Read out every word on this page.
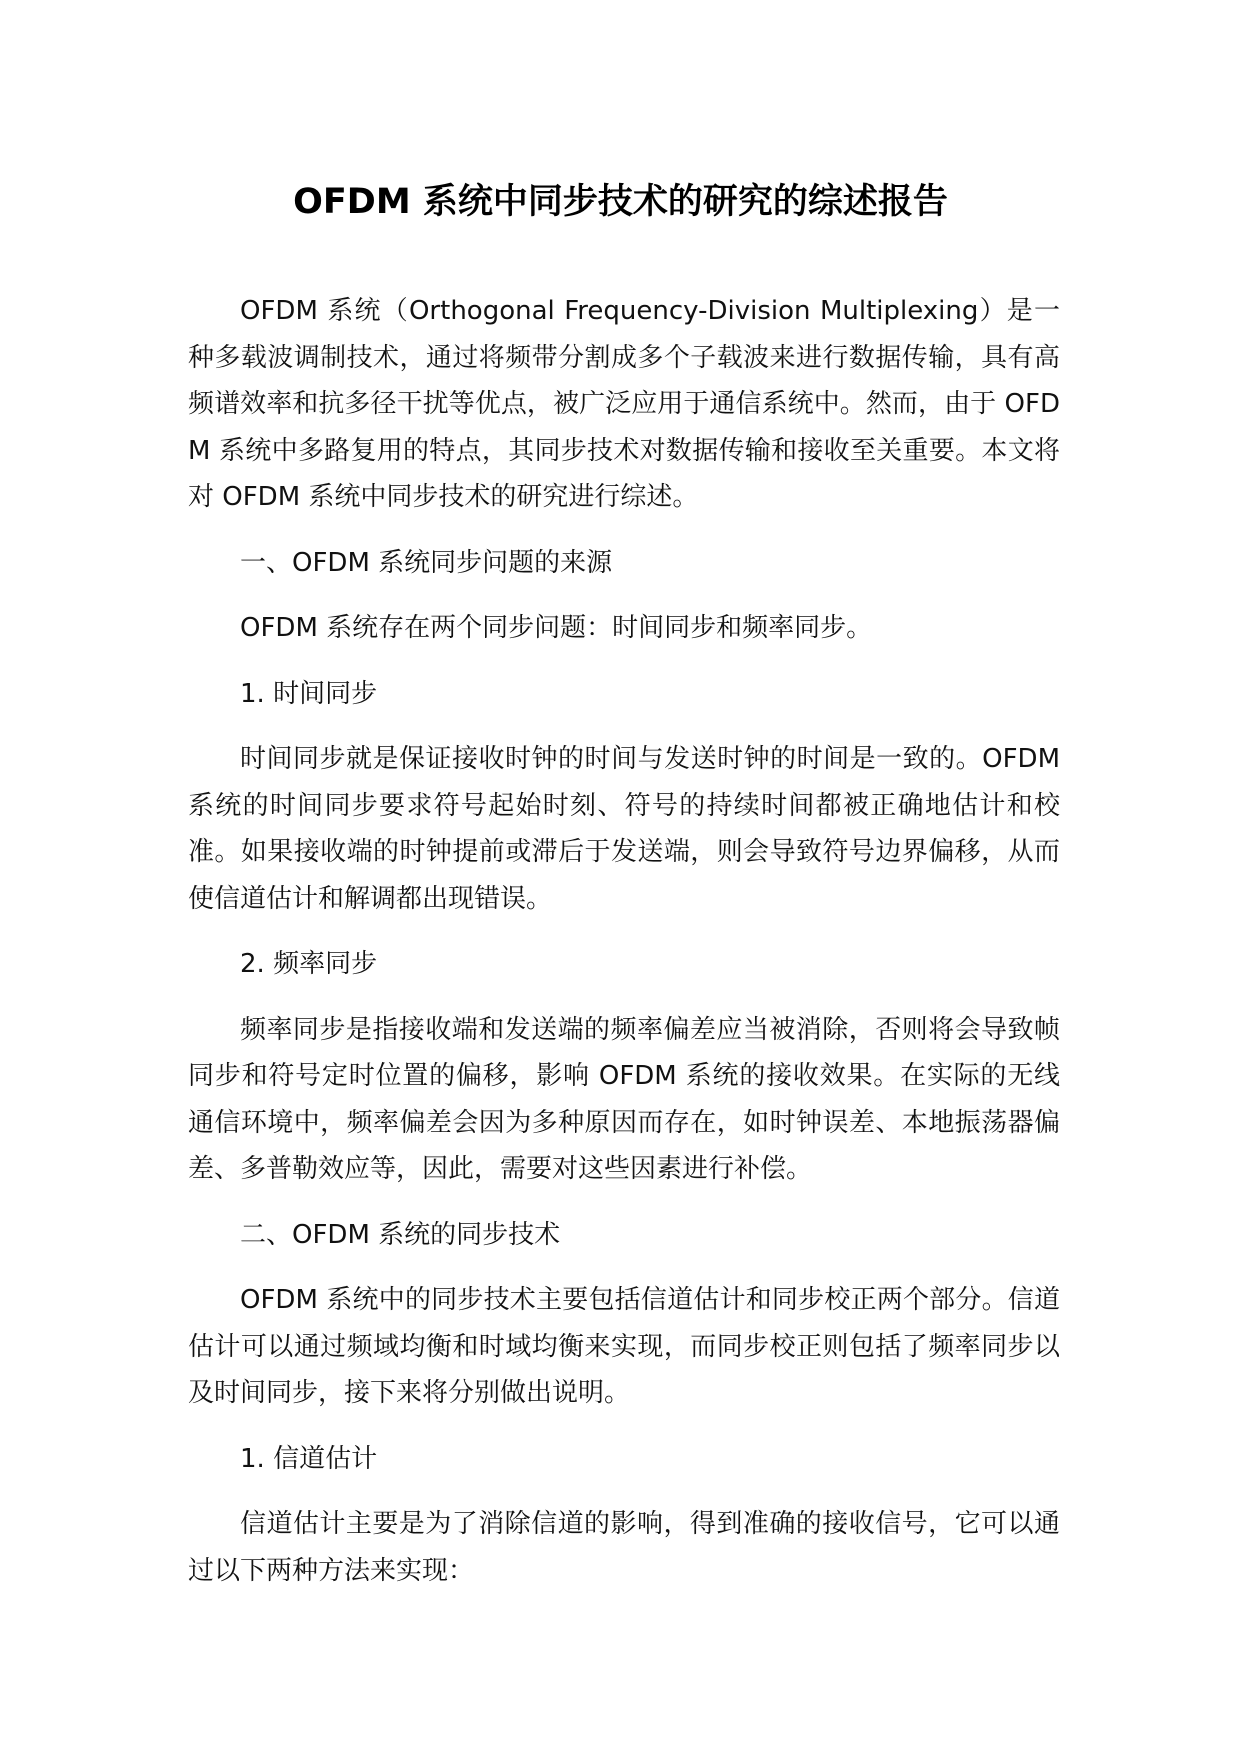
OFDM 系统中同步技术的研究的综述报告

OFDM 系统（Orthogonal Frequency-Division Multiplexing）是一种多载波调制技术，通过将频带分割成多个子载波来进行数据传输，具有高频谱效率和抗多径干扰等优点，被广泛应用于通信系统中。然而，由于 OFDM 系统中多路复用的特点，其同步技术对数据传输和接收至关重要。本文将对 OFDM 系统中同步技术的研究进行综述。

一、OFDM 系统同步问题的来源

OFDM 系统存在两个同步问题：时间同步和频率同步。

1. 时间同步

时间同步就是保证接收时钟的时间与发送时钟的时间是一致的。OFDM 系统的时间同步要求符号起始时刻、符号的持续时间都被正确地估计和校准。如果接收端的时钟提前或滞后于发送端，则会导致符号边界偏移，从而使信道估计和解调都出现错误。

2. 频率同步

频率同步是指接收端和发送端的频率偏差应当被消除，否则将会导致帧同步和符号定时位置的偏移，影响 OFDM 系统的接收效果。在实际的无线通信环境中，频率偏差会因为多种原因而存在，如时钟误差、本地振荡器偏差、多普勒效应等，因此，需要对这些因素进行补偿。

二、OFDM 系统的同步技术

OFDM 系统中的同步技术主要包括信道估计和同步校正两个部分。信道估计可以通过频域均衡和时域均衡来实现，而同步校正则包括了频率同步以及时间同步，接下来将分别做出说明。

1. 信道估计

信道估计主要是为了消除信道的影响，得到准确的接收信号，它可以通过以下两种方法来实现：
